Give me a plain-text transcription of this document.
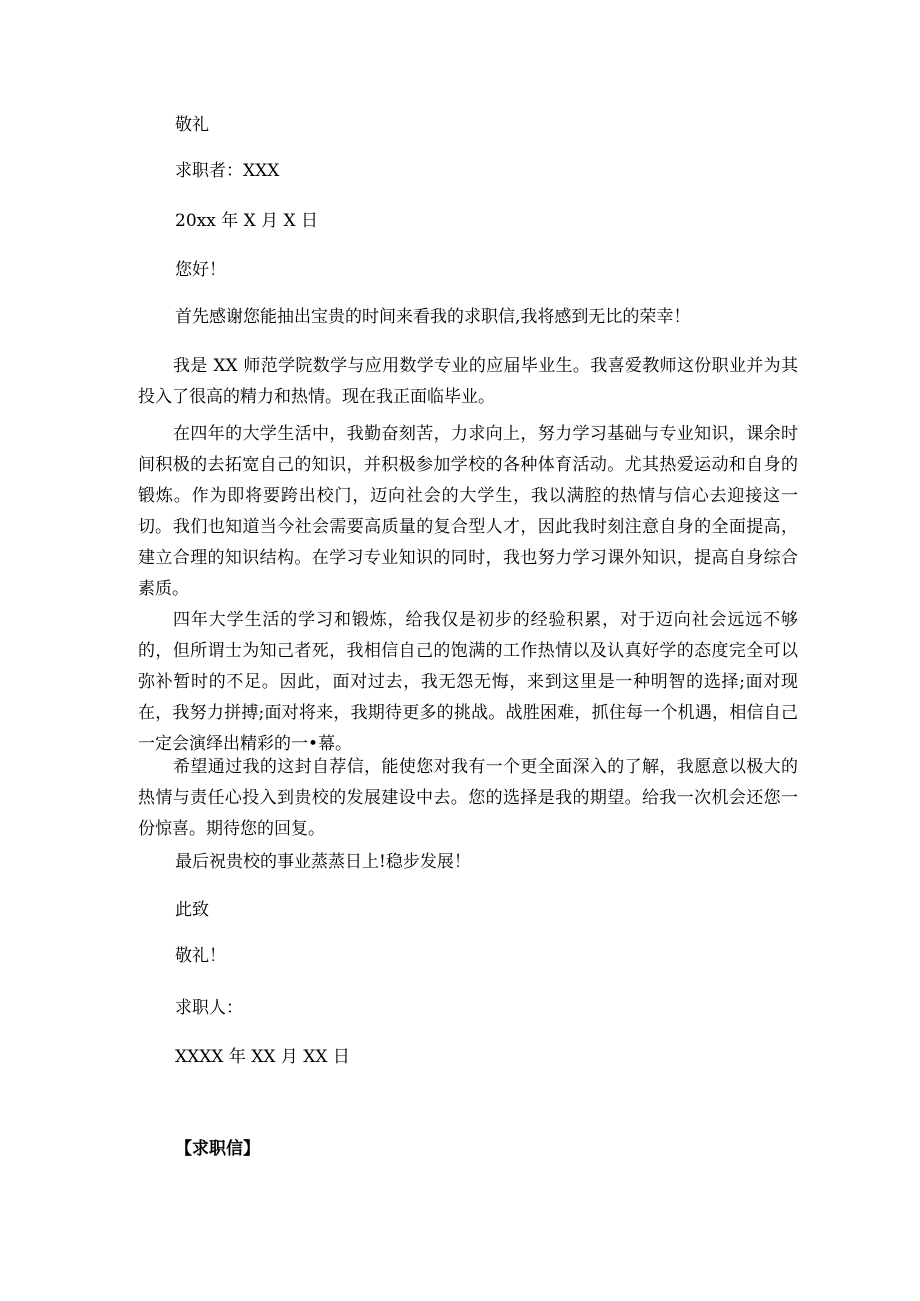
敬礼
求职者：XXX
20xx 年 X 月 X 日
您好！
首先感谢您能抽出宝贵的时间来看我的求职信,我将感到无比的荣幸！
我是 XX 师范学院数学与应用数学专业的应届毕业生。我喜爱教师这份职业并为其投入了很高的精力和热情。现在我正面临毕业。
在四年的大学生活中，我勤奋刻苦，力求向上，努力学习基础与专业知识，课余时间积极的去拓宽自己的知识，并积极参加学校的各种体育活动。尤其热爱运动和自身的锻炼。作为即将要跨出校门，迈向社会的大学生，我以满腔的热情与信心去迎接这一切。 我们也知道当今社会需要高质量的复合型人才，因此我时刻注意自身的全面提高，建立合理的知识结构。在学习专业知识的同时，我也努力学习课外知识，提高自身综合素质。
四年大学生活的学习和锻炼，给我仅是初步的经验积累，对于迈向社会远远不够的，但所谓士为知己者死，我相信自己的饱满的工作热情以及认真好学的态度完全可以弥补暂时的不足。因此，面对过去，我无怨无悔，来到这里是一种明智的选择;面对现在，我努力拼搏;面对将来，我期待更多的挑战。战胜困难，抓住每一个机遇，相信自己一定会演绎出精彩的一•幕。
希望通过我的这封自荐信，能使您对我有一个更全面深入的了解，我愿意以极大的热情与责任心投入到贵校的发展建设中去。您的选择是我的期望。给我一次机会还您一份惊喜。期待您的回复。
最后祝贵校的事业蒸蒸日上!稳步发展！
此致
敬礼！
求职人：
XXXX 年 XX 月 XX 日
【求职信】
